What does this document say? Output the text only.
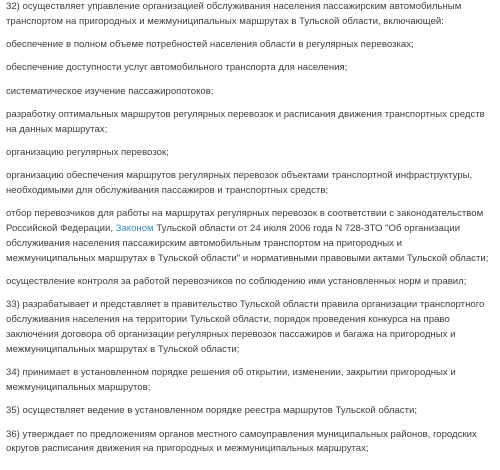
32) осуществляет управление организацией обслуживания населения пассажирским автомобильным транспортом на пригородных и межмуниципальных маршрутах в Тульской области, включающей:

обеспечение в полном объеме потребностей населения области в регулярных перевозках;

обеспечение доступности услуг автомобильного транспорта для населения;

систематическое изучение пассажиропотоков;

разработку оптимальных маршрутов регулярных перевозок и расписания движения транспортных средств на данных маршрутах;

организацию регулярных перевозок;

организацию обеспечения маршрутов регулярных перевозок объектами транспортной инфраструктуры, необходимыми для обслуживания пассажиров и транспортных средств;

отбор перевозчиков для работы на маршрутах регулярных перевозок в соответствии с законодательством Российской Федерации, Законом Тульской области от 24 июля 2006 года N 728-ЗТО "Об организации обслуживания населения пассажирским автомобильным транспортом на пригородных и межмуниципальных маршрутах в Тульской области" и нормативными правовыми актами Тульской области;

осуществление контроля за работой перевозчиков по соблюдению ими установленных норм и правил;

33) разрабатывает и представляет в правительство Тульской области правила организации транспортного обслуживания населения на территории Тульской области, порядок проведения конкурса на право заключения договора об организации регулярных перевозок пассажиров и багажа на пригородных и межмуниципальных маршрутах в Тульской области;

34) принимает в установленном порядке решения об открытии, изменении, закрытии пригородных и межмуниципальных маршрутов;

35) осуществляет ведение в установленном порядке реестра маршрутов Тульской области;

36) утверждает по предложениям органов местного самоуправления муниципальных районов, городских округов расписания движения на пригородных и межмуниципальных маршрутах;
